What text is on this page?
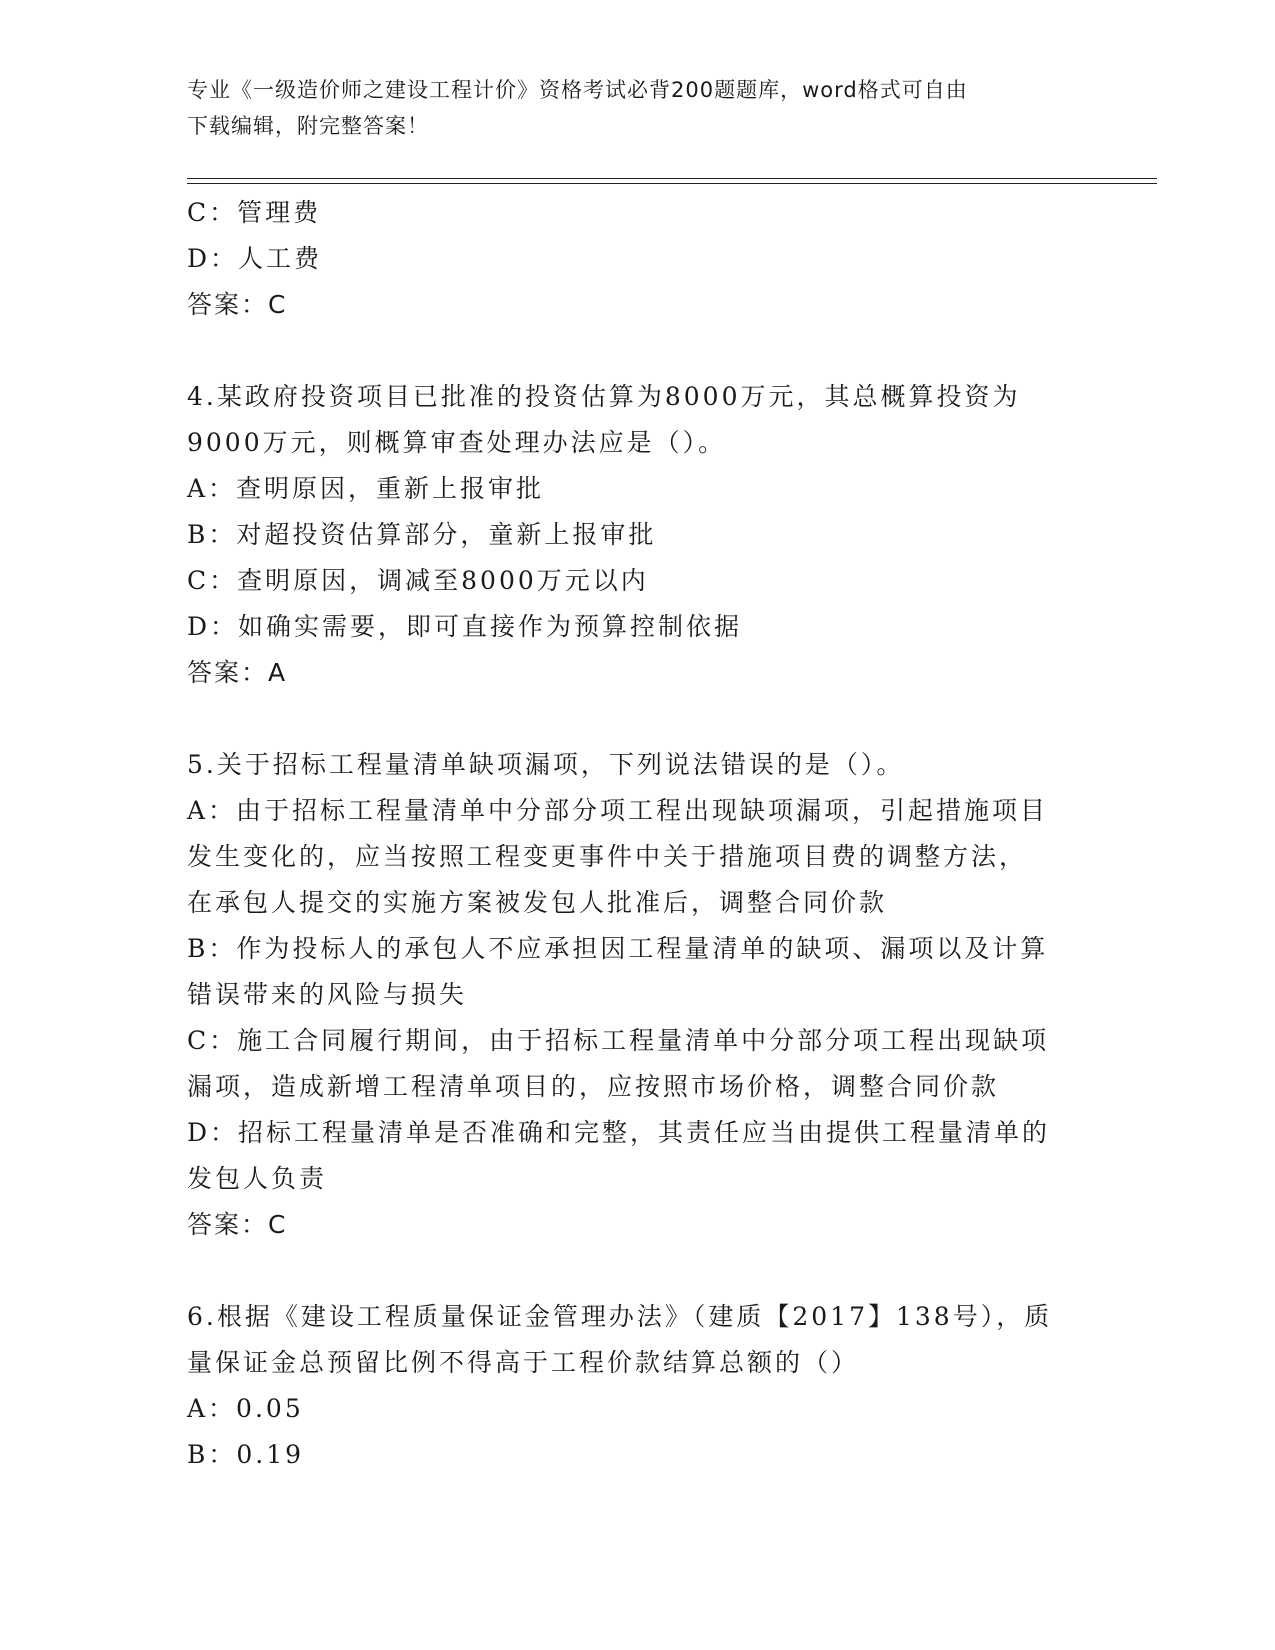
专业《一级造价师之建设工程计价》资格考试必背200题题库，word格式可自由
下载编辑，附完整答案！
C：管理费
D：人工费
答案：C
4.某政府投资项目已批准的投资估算为8000万元，其总概算投资为
9000万元，则概算审查处理办法应是（）。
A：查明原因，重新上报审批
B：对超投资估算部分，童新上报审批
C：查明原因，调减至8000万元以内
D：如确实需要，即可直接作为预算控制依据
答案：A
5.关于招标工程量清单缺项漏项，下列说法错误的是（）。
A：由于招标工程量清单中分部分项工程出现缺项漏项，引起措施项目
发生变化的，应当按照工程变更事件中关于措施项目费的调整方法，
在承包人提交的实施方案被发包人批准后，调整合同价款
B：作为投标人的承包人不应承担因工程量清单的缺项、漏项以及计算
错误带来的风险与损失
C：施工合同履行期间，由于招标工程量清单中分部分项工程出现缺项
漏项，造成新增工程清单项目的，应按照市场价格，调整合同价款
D：招标工程量清单是否准确和完整，其责任应当由提供工程量清单的
发包人负责
答案：C
6.根据《建设工程质量保证金管理办法》（建质【2017】138号），质
量保证金总预留比例不得高于工程价款结算总额的（）
A：0.05
B：0.19
